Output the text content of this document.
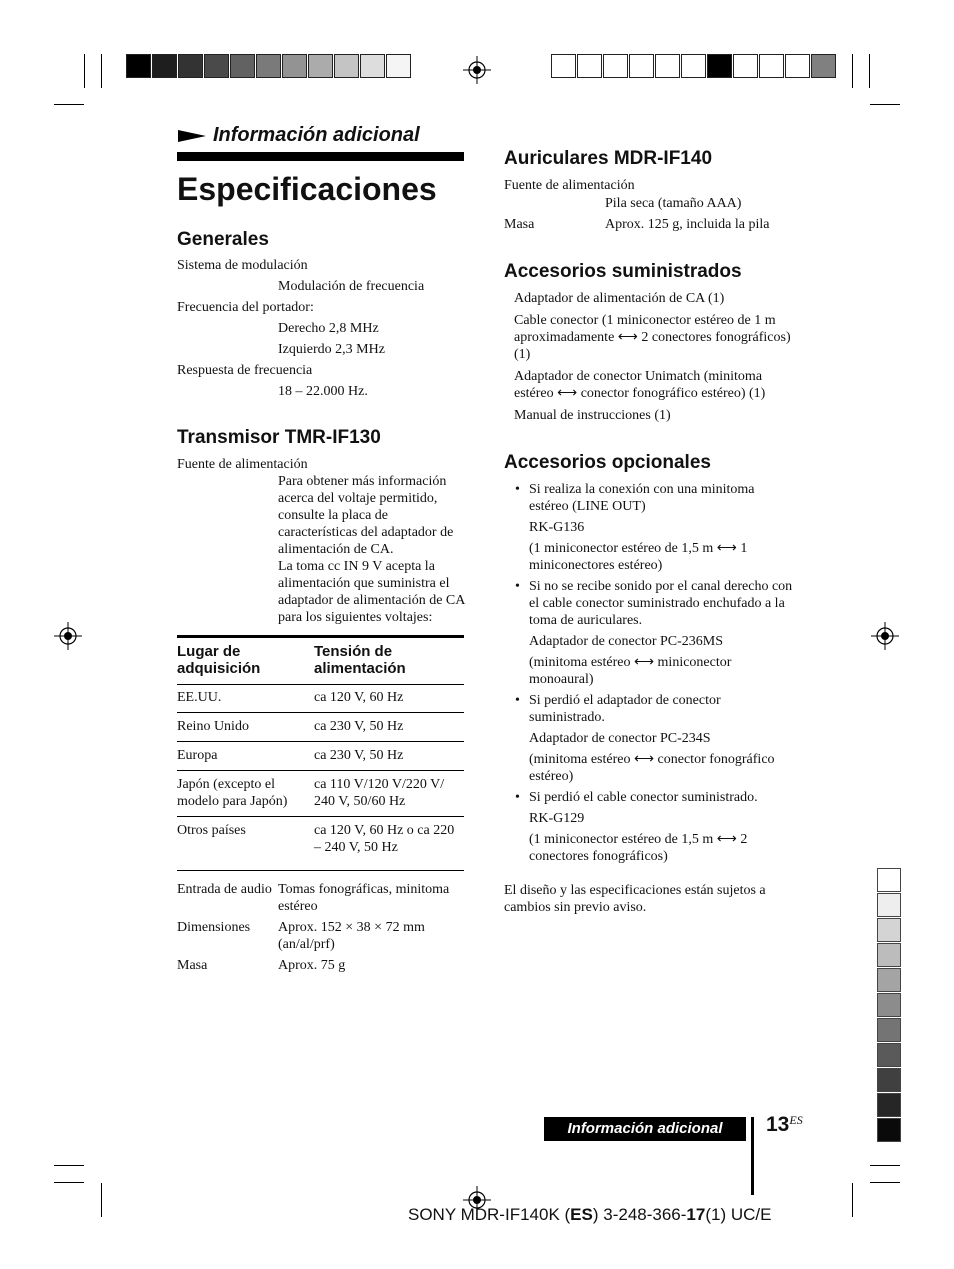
Información adicional
Especificaciones
Generales
Sistema de modulación
Modulación de frecuencia
Frecuencia del portador:
Derecho 2,8 MHz
Izquierdo 2,3 MHz
Respuesta de frecuencia
18 – 22.000 Hz.
Transmisor TMR-IF130
Fuente de alimentación
Para obtener más información acerca del voltaje permitido, consulte la placa de características del adaptador de alimentación de CA.
La toma cc IN 9 V acepta la alimentación que suministra el adaptador de alimentación de CA para los siguientes voltajes:
Lugar de adquisición	Tensión de alimentación
EE.UU.	ca 120 V, 60 Hz
Reino Unido	ca 230 V, 50 Hz
Europa	ca 230 V, 50 Hz
Japón (excepto el modelo para Japón)	ca 110 V/120 V/220 V/ 240 V, 50/60 Hz
Otros países	ca 120 V, 60 Hz o ca 220 – 240 V, 50 Hz
Entrada de audio	Tomas fonográficas, minitoma estéreo
Dimensiones	Aprox. 152 × 38 × 72 mm (an/al/prf)
Masa	Aprox. 75 g
Auriculares MDR-IF140
Fuente de alimentación
Pila seca (tamaño AAA)
Masa	Aprox. 125 g, incluida la pila
Accesorios suministrados
Adaptador de alimentación de CA (1)
Cable conector (1 miniconector estéreo de 1 m aproximadamente ⟷ 2 conectores fonográficos) (1)
Adaptador de conector Unimatch (minitoma estéreo ⟷ conector fonográfico estéreo) (1)
Manual de instrucciones (1)
Accesorios opcionales
• Si realiza la conexión con una minitoma estéreo (LINE OUT)
RK-G136
(1 miniconector estéreo de 1,5 m ⟷ 1 miniconectores estéreo)
• Si no se recibe sonido por el canal derecho con el cable conector suministrado enchufado a la toma de auriculares.
Adaptador de conector PC-236MS
(minitoma estéreo ⟷ miniconector monoaural)
• Si perdió el adaptador de conector suministrado.
Adaptador de conector PC-234S
(minitoma estéreo ⟷ conector fonográfico estéreo)
• Si perdió el cable conector suministrado.
RK-G129
(1 miniconector estéreo de 1,5 m ⟷ 2 conectores fonográficos)
El diseño y las especificaciones están sujetos a cambios sin previo aviso.
Información adicional	$13^{ES}$
SONY MDR-IF140K (ES) 3-248-366-17(1) UC/E
